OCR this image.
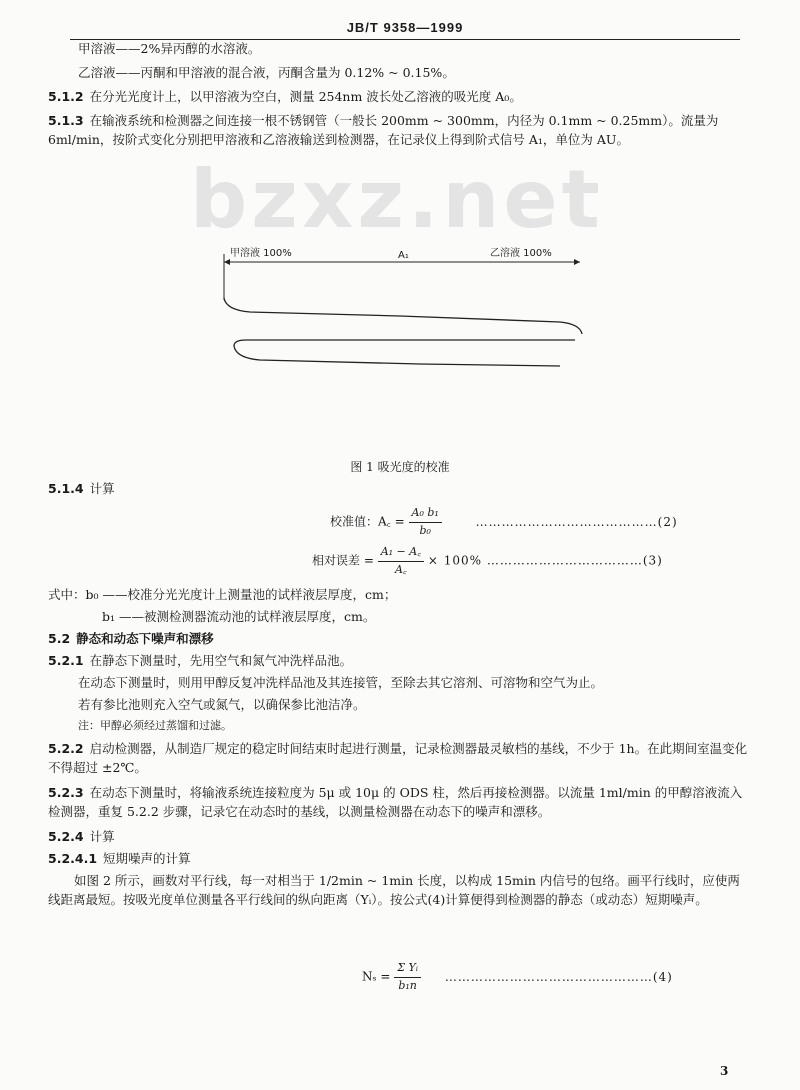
JB/T 9358—1999
bzxz.net
甲溶液——2%异丙醇的水溶液。
乙溶液——丙酮和甲溶液的混合液，丙酮含量为 0.12% ~ 0.15%。
5.1.2 在分光光度计上，以甲溶液为空白，测量 254nm 波长处乙溶液的吸光度 A₀。
5.1.3 在输液系统和检测器之间连接一根不锈钢管（一般长 200mm ~ 300mm，内径为 0.1mm ~ 0.25mm）。流量为 6ml/min，按阶式变化分别把甲溶液和乙溶液输送到检测器，在记录仪上得到阶式信号 A₁，单位为 AU。
甲溶液 100%	A₁	乙溶液 100%
图 1 吸光度的校准
5.1.4 计算
校准值：A꜀ = $\frac{\text{A₀ b₁}}{\text{b₀}}$	……………………………………(2)
相对误差 = $\frac{\text{A₁ − A꜀}}{A꜀} \times 100\%$ ………………………………(3)
式中：b₀ ——校准分光光度计上测量池的试样液层厚度，cm；
b₁ ——被测检测器流动池的试样液层厚度，cm。
5.2 静态和动态下噪声和漂移
5.2.1 在静态下测量时，先用空气和氮气冲洗样品池。
在动态下测量时，则用甲醇反复冲洗样品池及其连接管，至除去其它溶剂、可溶物和空气为止。
若有参比池则充入空气或氮气，以确保参比池洁净。
注：甲醇必须经过蒸馏和过滤。
5.2.2 启动检测器，从制造厂规定的稳定时间结束时起进行测量，记录检测器最灵敏档的基线，不少于 1h。在此期间室温变化不得超过 ±2℃。
5.2.3 在动态下测量时，将输液系统连接粒度为 5μ 或 10μ 的 ODS 柱，然后再接检测器。以流量 1ml/min 的甲醇溶液流入检测器，重复 5.2.2 步骤，记录它在动态时的基线，以测量检测器在动态下的噪声和漂移。
5.2.4 计算
5.2.4.1 短期噪声的计算
如图 2 所示，画数对平行线，每一对相当于 1/2min ~ 1min 长度，以构成 15min 内信号的包络。画平行线时，应使两线距离最短。按吸光度单位测量各平行线间的纵向距离（Yᵢ）。按公式(4)计算便得到检测器的静态（或动态）短期噪声。
$N_s = \frac{\text{Σ Yᵢ}}{\text{b₁n}}$ …………………………………………(4)
3
